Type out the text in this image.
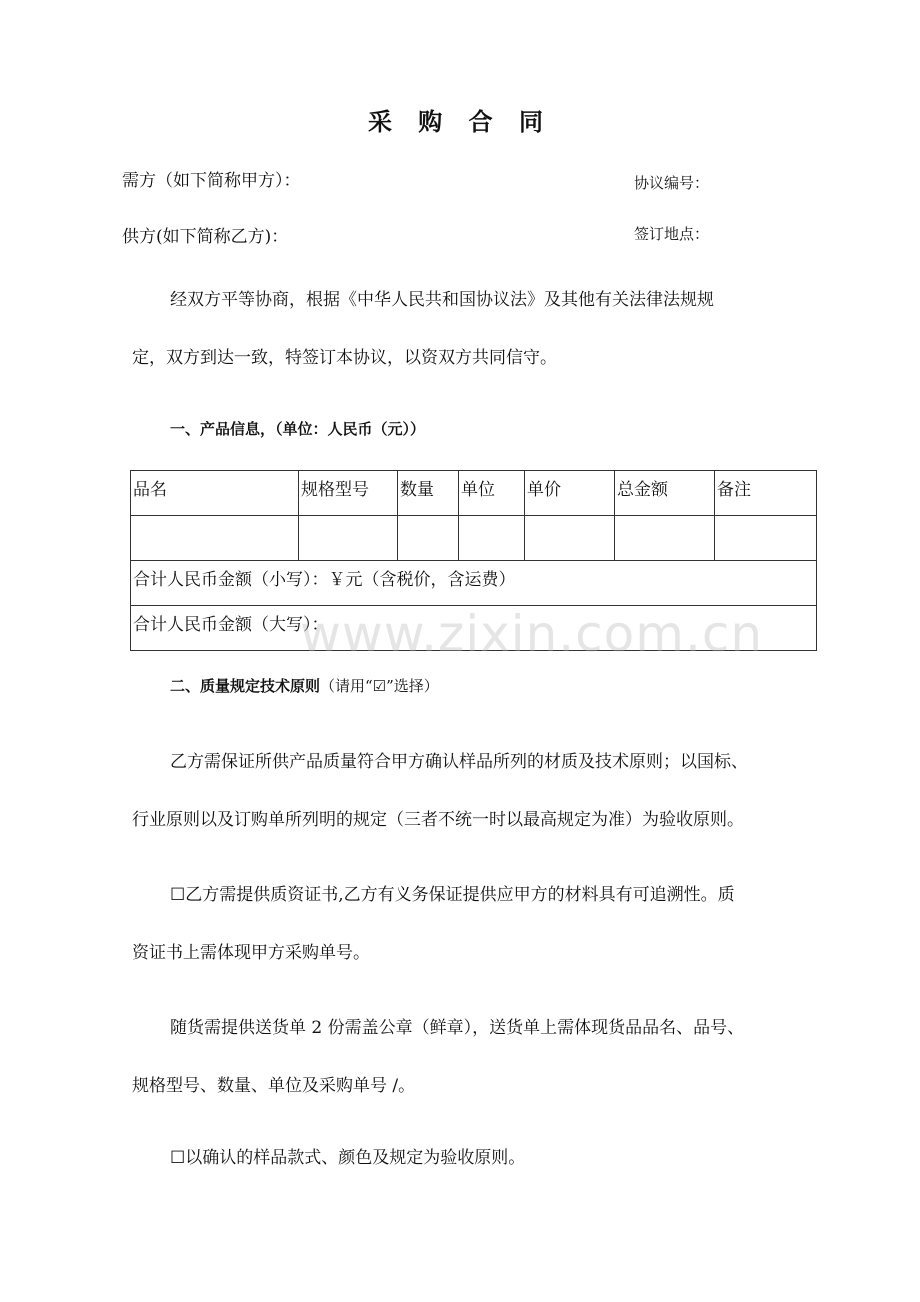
采 购 合 同
需方（如下简称甲方）：	协议编号：
供方(如下简称乙方)：	签订地点：
经双方平等协商，根据《中华人民共和国协议法》及其他有关法律法规规
定，双方到达一致，特签订本协议，以资双方共同信守。
一、产品信息，（单位：人民币（元））
品名	规格型号	数量	单位	单价	总金额	备注

合计人民币金额（小写）：￥元（含税价，含运费）						
合计人民币金额（大写）：						
www.zixin.com.cn
二、质量规定技术原则（请用“☑”选择）
乙方需保证所供产品质量符合甲方确认样品所列的材质及技术原则；以国标、
行业原则以及订购单所列明的规定（三者不统一时以最高规定为准）为验收原则。
☐乙方需提供质资证书,乙方有义务保证提供应甲方的材料具有可追溯性。质
资证书上需体现甲方采购单号。
随货需提供送货单 2 份需盖公章（鲜章），送货单上需体现货品品名、品号、
规格型号、数量、单位及采购单号 /。
☐以确认的样品款式、颜色及规定为验收原则。
